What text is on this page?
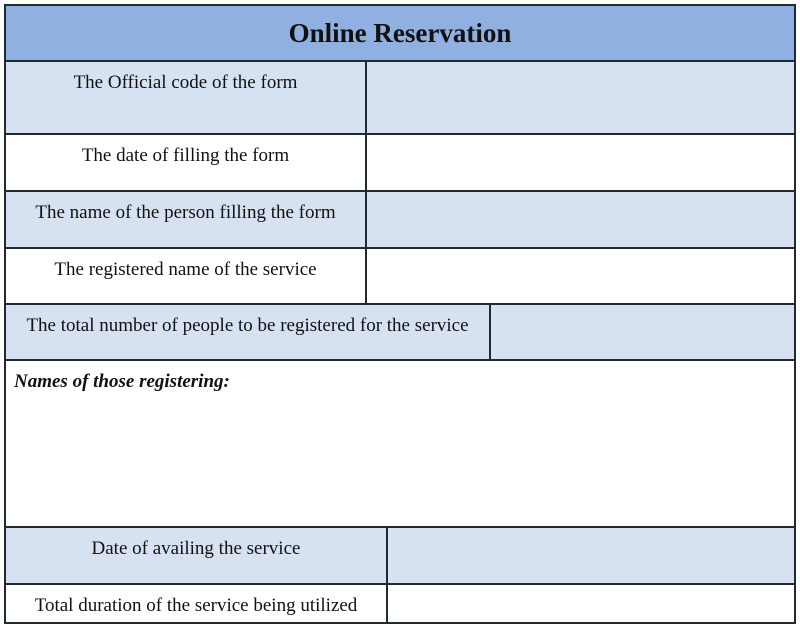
Online Reservation
The Official code of the form
The date of filling the form
The name of the person filling the form
The registered name of the service
The total number of people to be registered for the service
Names of those registering:
Date of availing the service
Total duration of the service being utilized
